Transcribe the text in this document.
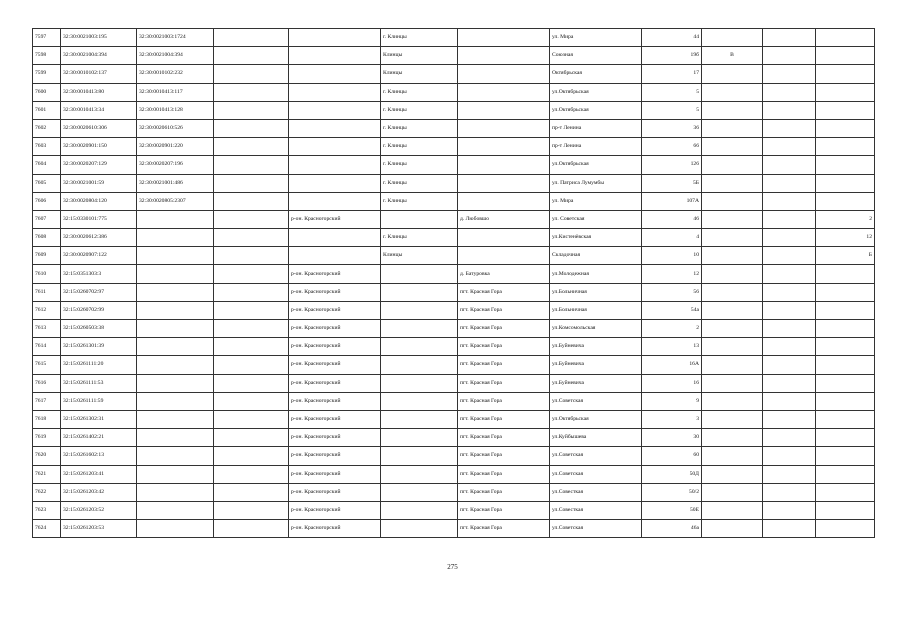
7597	32:30:0021003:195	32:30:0021003:1724			г. Клинцы		ул. Мира	44			
7598	32:30:0021004:394	32:30:0021004:394			Клинцы		Союзная	19б	В		
7599	32:30:0010102:137	32:30:0010102:232			Клинцы		Октябрьская	17			
7600	32:30:0010413:80	32:30:0010413:117			г. Клинцы		ул.Октябрьская	5			
7601	32:30:0010413:34	32:30:0010413:128			г. Клинцы		ул.Октябрьская	5			
7602	32:30:0020610:306	32:30:0020610:526			г. Клинцы		пр-т Ленина	36			
7603	32:30:0020901:150	32:30:0020901:220			г. Клинцы		пр-т Ленина	66			
7604	32:30:0020207:129	32:30:0020207:196			г. Клинцы		ул.Октябрьская	126			
7605	32:30:0021001:59	32:30:0021001:486			г. Клинцы		ул. Патриса Лумумбы	5Б			
7606	32:30:0020804:120	32:30:0020805:2307			г. Клинцы		ул. Мира	107А			
7607	32:15:0330101:775			р-он. Красногорский		д. Любовшо	ул. Советская	46			2
7608	32:30:0020612:386				г. Клинцы		ул.Кистенёвская	4			12
7609	32:30:0020907:122				Клинцы		Складочная	10			Б
7610	32:15:0351303:3			р-он. Красногорский		д. Батуровка	ул.Молодежная	12			
7611	32:15:0260702:97			р-он. Красногорский		пгт. Красная Гора	ул.Больничная	56			
7612	32:15:0260702:99			р-он. Красногорский		пгт. Красная Гора	ул.Больничная	54а			
7613	32:15:0260503:38			р-он. Красногорский		пгт. Красная Гора	ул.Комсомольская	2			
7614	32:15:0261301:39			р-он. Красногорский		пгт. Красная Гора	ул.Буйневича	13			
7615	32:15:0261111:20			р-он. Красногорский		пгт. Красная Гора	ул.Буйневича	16А			
7616	32:15:0261111:53			р-он. Красногорский		пгт. Красная Гора	ул.Буйневича	16			
7617	32:15:0261111:59			р-он. Красногорский		пгт. Красная Гора	ул.Советская	9			
7618	32:15:0261302:31			р-он. Красногорский		пгт. Красная Гора	ул.Октябрьская	3			
7619	32:15:0261402:21			р-он. Красногорский		пгт. Красная Гора	ул.Куйбышева	30			
7620	32:15:0261602:13			р-он. Красногорский		пгт. Красная Гора	ул.Советская	60			
7621	32:15:0261203:41			р-он. Красногорский		пгт. Красная Гора	ул.Советская	50Д			
7622	32:15:0261203:42			р-он. Красногорский		пгт. Красная Гора	ул.Совесткая	50/2			
7623	32:15:0261203:52			р-он. Красногорский		пгт. Красная Гора	ул.Совесткая	50Е			
7624	32:15:0261203:53			р-он. Красногорский		пгт. Красная Гора	ул.Советская	46а			
275
